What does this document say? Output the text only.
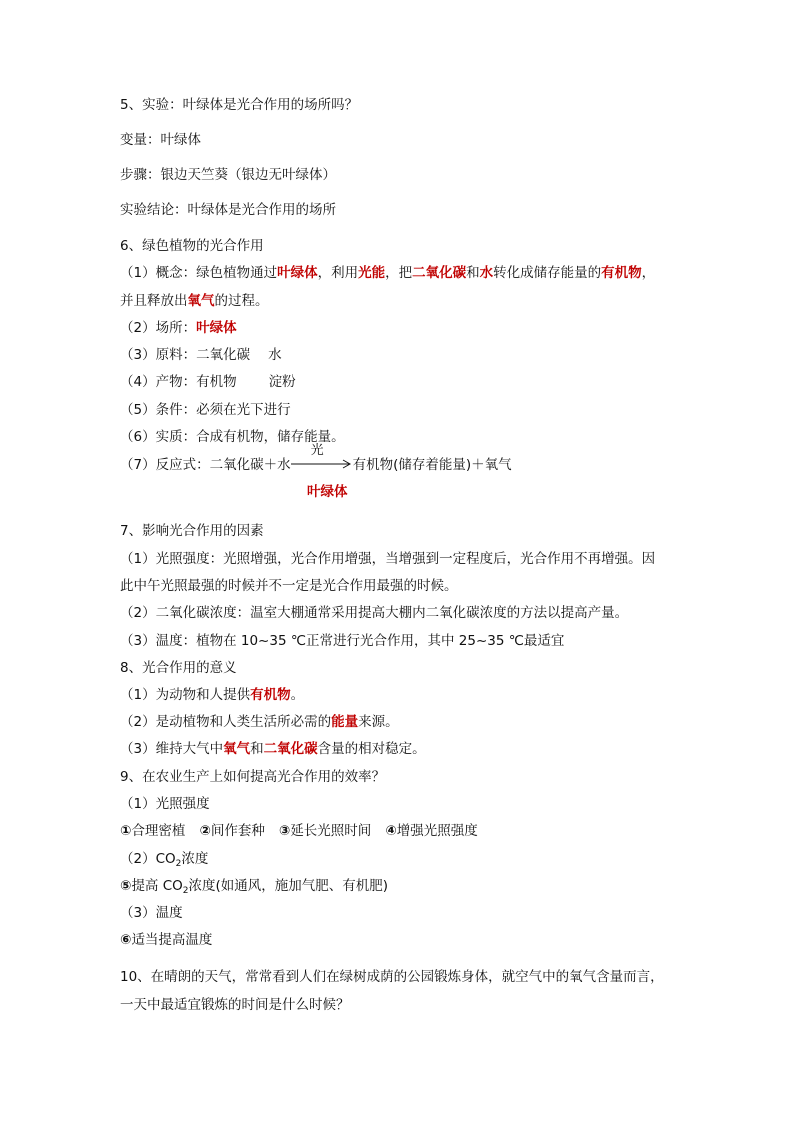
5、实验：叶绿体是光合作用的场所吗？
变量：叶绿体
步骤：银边天竺葵（银边无叶绿体）
实验结论：叶绿体是光合作用的场所
6、绿色植物的光合作用
（1）概念：绿色植物通过叶绿体，利用光能，把二氧化碳和水转化成储存能量的有机物，
并且释放出氧气的过程。
（2）场所：叶绿体
（3）原料：二氧化碳 水
（4）产物：有机物 淀粉
（5）条件：必须在光下进行
（6）实质：合成有机物，储存能量。
（7）反应式：二氧化碳＋水
光
有机物(储存着能量)＋氧气
叶绿体
7、影响光合作用的因素
（1）光照强度：光照增强，光合作用增强，当增强到一定程度后，光合作用不再增强。因
此中午光照最强的时候并不一定是光合作用最强的时候。
（2）二氧化碳浓度：温室大棚通常采用提高大棚内二氧化碳浓度的方法以提高产量。
（3）温度：植物在 10~35 ℃正常进行光合作用，其中 25~35 ℃最适宜
8、光合作用的意义
（1）为动物和人提供有机物。
（2）是动植物和人类生活所必需的能量来源。
（3）维持大气中氧气和二氧化碳含量的相对稳定。
9、在农业生产上如何提高光合作用的效率？
（1）光照强度
①合理密植 ②间作套种 ③延长光照时间 ④增强光照强度
$(2)CO_2$浓度
⑤提高 $CO_2$浓度(如通风，施加气肥、有机肥)
（3）温度
⑥适当提高温度
10、在晴朗的天气，常常看到人们在绿树成荫的公园锻炼身体，就空气中的氧气含量而言，
一天中最适宜锻炼的时间是什么时候？
